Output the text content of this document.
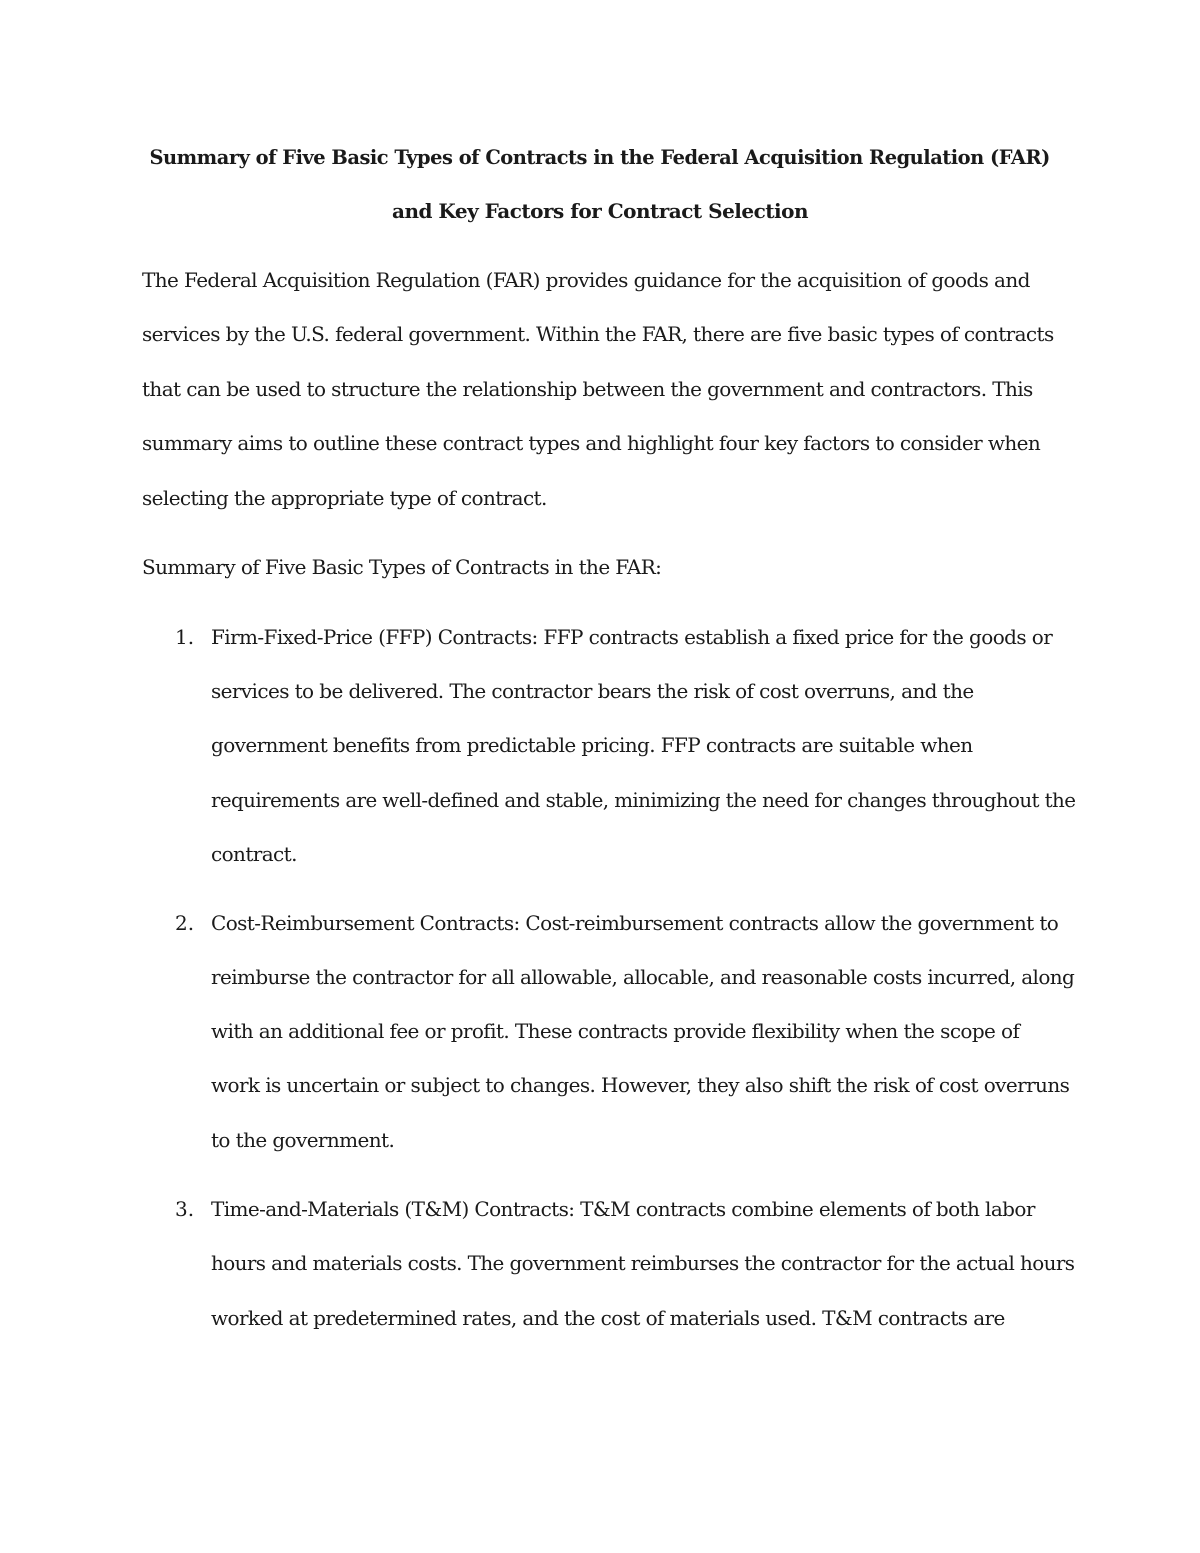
Summary of Five Basic Types of Contracts in the Federal Acquisition Regulation (FAR)
and Key Factors for Contract Selection
The Federal Acquisition Regulation (FAR) provides guidance for the acquisition of goods and
services by the U.S. federal government. Within the FAR, there are five basic types of contracts
that can be used to structure the relationship between the government and contractors. This
summary aims to outline these contract types and highlight four key factors to consider when
selecting the appropriate type of contract.
Summary of Five Basic Types of Contracts in the FAR:
1. Firm-Fixed-Price (FFP) Contracts: FFP contracts establish a fixed price for the goods or
services to be delivered. The contractor bears the risk of cost overruns, and the
government benefits from predictable pricing. FFP contracts are suitable when
requirements are well-defined and stable, minimizing the need for changes throughout the
contract.
2. Cost-Reimbursement Contracts: Cost-reimbursement contracts allow the government to
reimburse the contractor for all allowable, allocable, and reasonable costs incurred, along
with an additional fee or profit. These contracts provide flexibility when the scope of
work is uncertain or subject to changes. However, they also shift the risk of cost overruns
to the government.
3. Time-and-Materials (T&M) Contracts: T&M contracts combine elements of both labor
hours and materials costs. The government reimburses the contractor for the actual hours
worked at predetermined rates, and the cost of materials used. T&M contracts are
